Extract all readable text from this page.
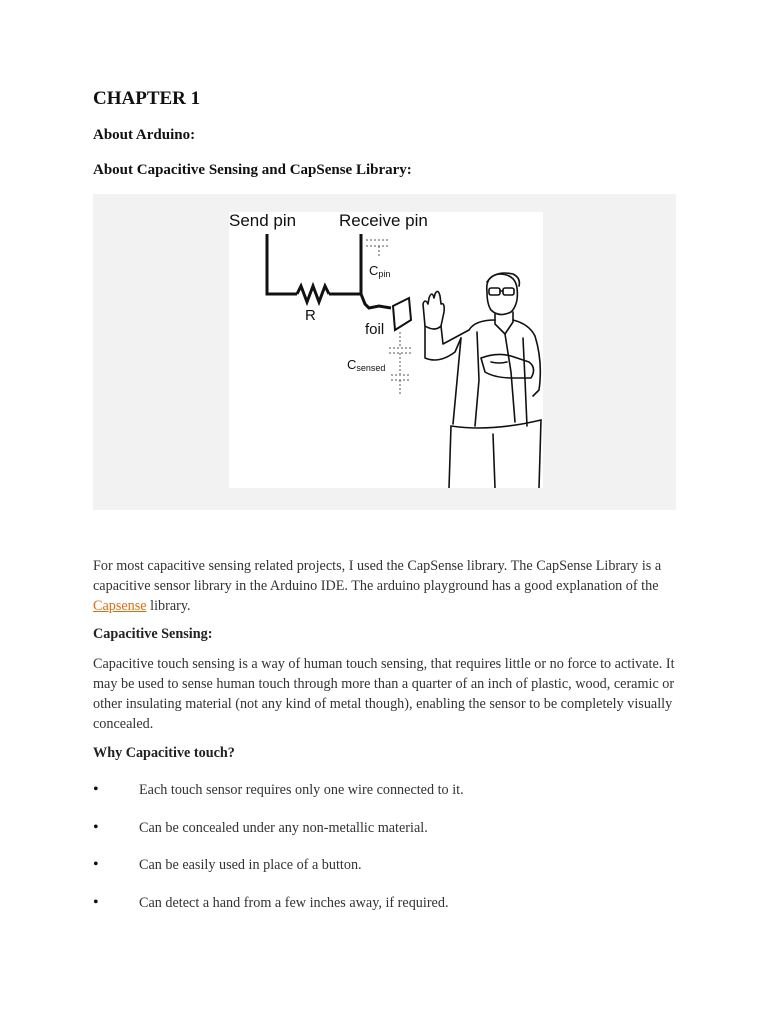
CHAPTER 1
About Arduino:
About Capacitive Sensing and CapSense Library:
Send pin	Receive pin
Cpin
R
foil
Csensed

For most capacitive sensing related projects, I used the CapSense library. The CapSense Library is a capacitive sensor library in the Arduino IDE. The arduino playground has a good explanation of the Capsense library.

Capacitive Sensing:

Capacitive touch sensing is a way of human touch sensing, that requires little or no force to activate. It may be used to sense human touch through more than a quarter of an inch of plastic, wood, ceramic or other insulating material (not any kind of metal though), enabling the sensor to be completely visually concealed.

Why Capacitive touch?
•	Each touch sensor requires only one wire connected to it.
•	Can be concealed under any non-metallic material.
•	Can be easily used in place of a button.
•	Can detect a hand from a few inches away, if required.
